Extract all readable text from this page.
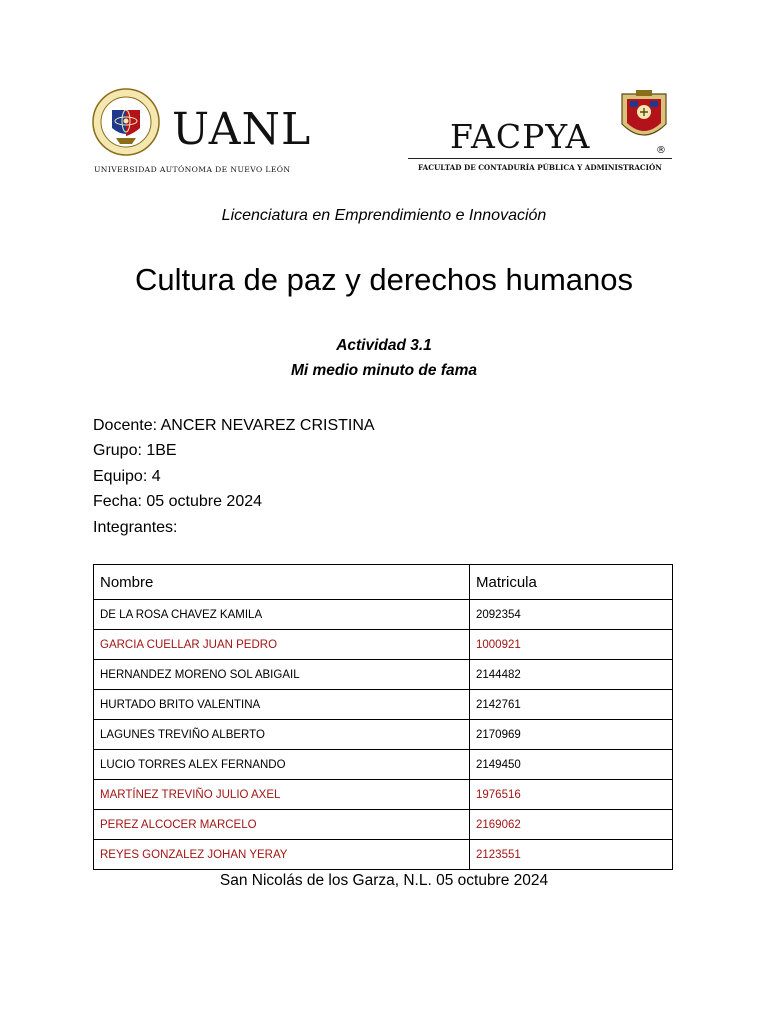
UANL
UNIVERSIDAD AUTÓNOMA DE NUEVO LEÓN
FACPYA	®
FACULTAD DE CONTADURÍA PÚBLICA Y ADMINISTRACIÓN
Licenciatura en Emprendimiento e Innovación
Cultura de paz y derechos humanos
Actividad 3.1
Mi medio minuto de fama
Docente: ANCER NEVAREZ CRISTINA
Grupo: 1BE
Equipo: 4
Fecha: 05 octubre 2024
Integrantes:
Nombre	Matricula
DE LA ROSA CHAVEZ KAMILA	2092354
GARCIA CUELLAR JUAN PEDRO	1000921
HERNANDEZ MORENO SOL ABIGAIL	2144482
HURTADO BRITO VALENTINA	2142761
LAGUNES TREVIÑO ALBERTO	2170969
LUCIO TORRES ALEX FERNANDO	2149450
MARTÍNEZ TREVIÑO JULIO AXEL	1976516
PEREZ ALCOCER MARCELO	2169062
REYES GONZALEZ JOHAN YERAY	2123551
San Nicolás de los Garza, N.L. 05 octubre 2024
